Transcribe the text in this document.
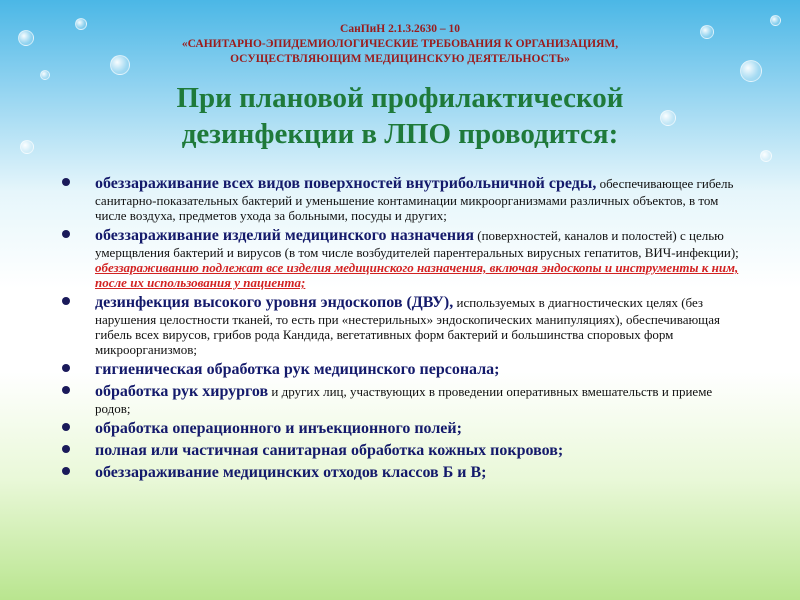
СанПиН 2.1.3.2630 – 10
«САНИТАРНО-ЭПИДЕМИОЛОГИЧЕСКИЕ ТРЕБОВАНИЯ К ОРГАНИЗАЦИЯМ,
ОСУЩЕСТВЛЯЮЩИМ МЕДИЦИНСКУЮ ДЕЯТЕЛЬНОСТЬ»
При плановой профилактической
дезинфекции в ЛПО проводится:
обеззараживание всех видов поверхностей внутрибольничной среды, обеспечивающее гибель санитарно-показательных бактерий и уменьшение контаминации микроорганизмами различных объектов, в том числе воздуха, предметов ухода за больными, посуды и других;
обеззараживание изделий медицинского назначения (поверхностей, каналов и полостей) с целью умерщвления бактерий и вирусов (в том числе возбудителей парентеральных вирусных гепатитов, ВИЧ-инфекции); обеззараживанию подлежат все изделия медицинского назначения, включая эндоскопы и инструменты к ним, после их использования у пациента;
дезинфекция высокого уровня эндоскопов (ДВУ), используемых в диагностических целях (без нарушения целостности тканей, то есть при «нестерильных» эндоскопических манипуляциях), обеспечивающая гибель всех вирусов, грибов рода Кандида, вегетативных форм бактерий и большинства споровых форм микроорганизмов;
гигиеническая обработка рук медицинского персонала;
обработка рук хирургов и других лиц, участвующих в проведении оперативных вмешательств и приеме родов;
обработка операционного и инъекционного полей;
полная или частичная санитарная обработка кожных покровов;
обеззараживание медицинских отходов классов Б и В;
